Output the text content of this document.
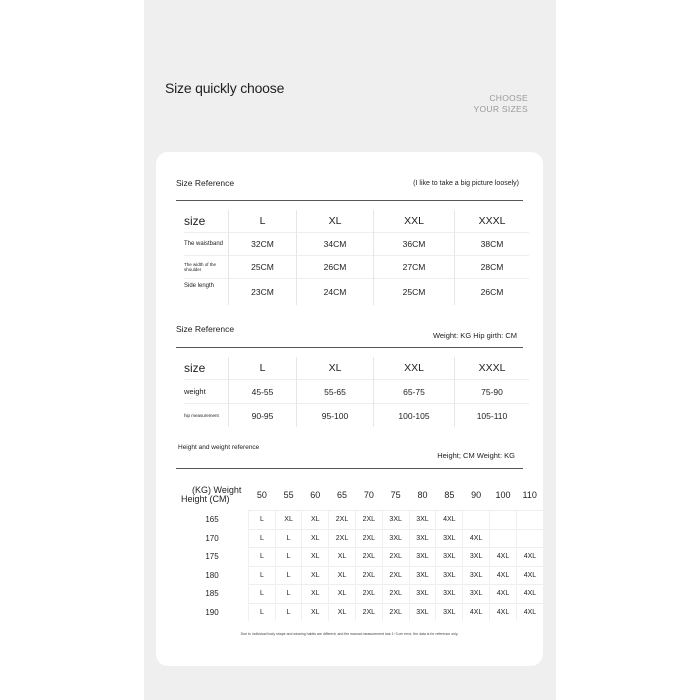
Size quickly choose
CHOOSE
YOUR SIZES
Size Reference	(I like to take a big picture loosely)
size	L	XL	XXL	XXXL
The waistband	32CM	34CM	36CM	38CM
The width of the shoulder	25CM	26CM	27CM	28CM
Side length	23CM	24CM	25CM	26CM
Size Reference
Weight: KG Hip girth: CM
size	L	XL	XXL	XXXL
weight	45-55	55-65	65-75	75-90
hip measurement	90-95	95-100	100-105	105-110
Height and weight reference
Height; CM Weight: KG
(KG) Weight
Height (CM)	50	55	60	65	70	75	80	85	90	100	110
165	L	XL	XL	2XL	2XL	3XL	3XL	4XL			
170	L	L	XL	2XL	2XL	3XL	3XL	3XL	4XL		
175	L	L	XL	XL	2XL	2XL	3XL	3XL	3XL	4XL	4XL
180	L	L	XL	XL	2XL	2XL	3XL	3XL	3XL	4XL	4XL
185	L	L	XL	XL	2XL	2XL	3XL	3XL	3XL	4XL	4XL
190	L	L	XL	XL	2XL	2XL	3XL	3XL	4XL	4XL	4XL
Due to individual body shape and wearing habits are different, and the manual measurement has 1~3 cm error, the data is for reference only.
